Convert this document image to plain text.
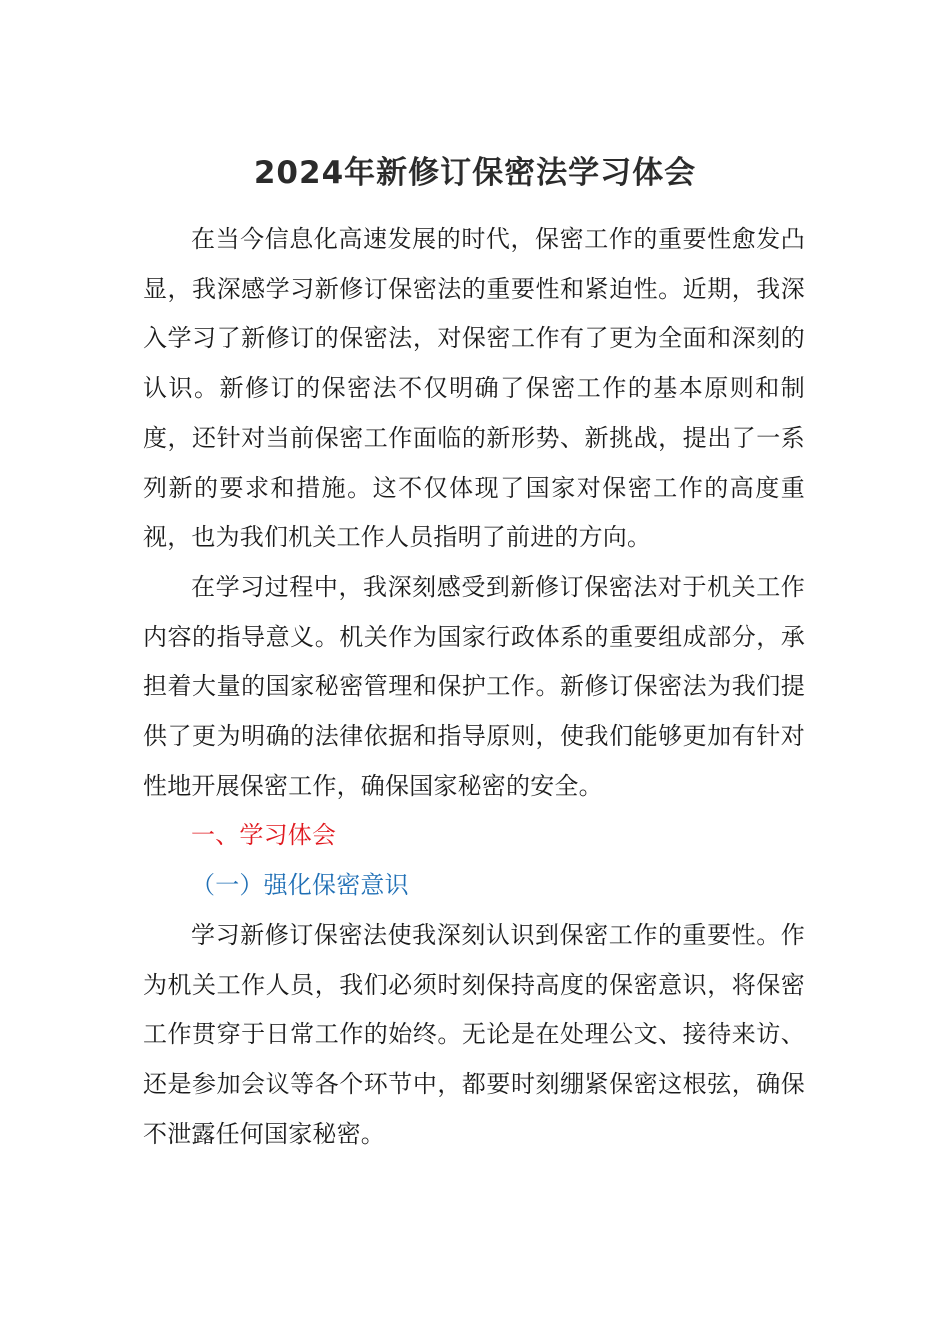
2024年新修订保密法学习体会

在当今信息化高速发展的时代，保密工作的重要性愈发凸显，我深感学习新修订保密法的重要性和紧迫性。近期，我深入学习了新修订的保密法，对保密工作有了更为全面和深刻的认识。新修订的保密法不仅明确了保密工作的基本原则和制度，还针对当前保密工作面临的新形势、新挑战，提出了一系列新的要求和措施。这不仅体现了国家对保密工作的高度重视，也为我们机关工作人员指明了前进的方向。

在学习过程中，我深刻感受到新修订保密法对于机关工作内容的指导意义。机关作为国家行政体系的重要组成部分，承担着大量的国家秘密管理和保护工作。新修订保密法为我们提供了更为明确的法律依据和指导原则，使我们能够更加有针对性地开展保密工作，确保国家秘密的安全。

一、学习体会

（一）强化保密意识

学习新修订保密法使我深刻认识到保密工作的重要性。作为机关工作人员，我们必须时刻保持高度的保密意识，将保密工作贯穿于日常工作的始终。无论是在处理公文、接待来访、还是参加会议等各个环节中，都要时刻绷紧保密这根弦，确保不泄露任何国家秘密。
